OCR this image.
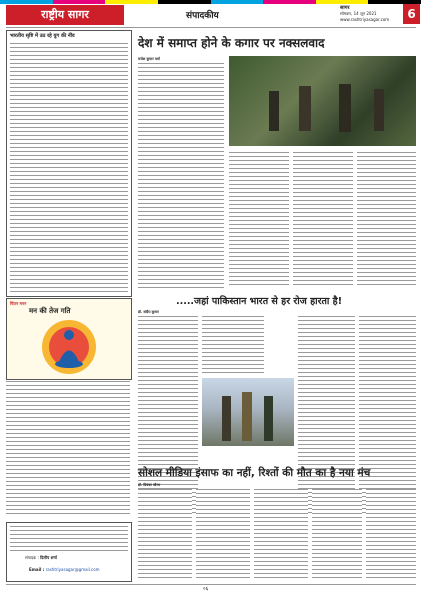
राष्ट्रीय सागर	संपादकीय
सागर
सोमवार, 14 जून 2021
www.rashtriyasagar.com	6
भारतीय सृष्टि में उठ रहे युग की नींव
चिंतन मनन
मन की तेज गति
संपादक : दिलीप शर्मा
Email : rashtriyasagar@gmail.com
देश में समाप्त होने के कगार पर नक्सलवाद
राजेश कुमार वर्मा
.....जहां पाकिस्तान भारत से हर रोज हारता है!
डॉ. संदीप कुमार
सोशल मीडिया इंसाफ का नहीं, रिश्तों की मौत का है नया मंच
डॉ. प्रियंका सौरभ
०६
